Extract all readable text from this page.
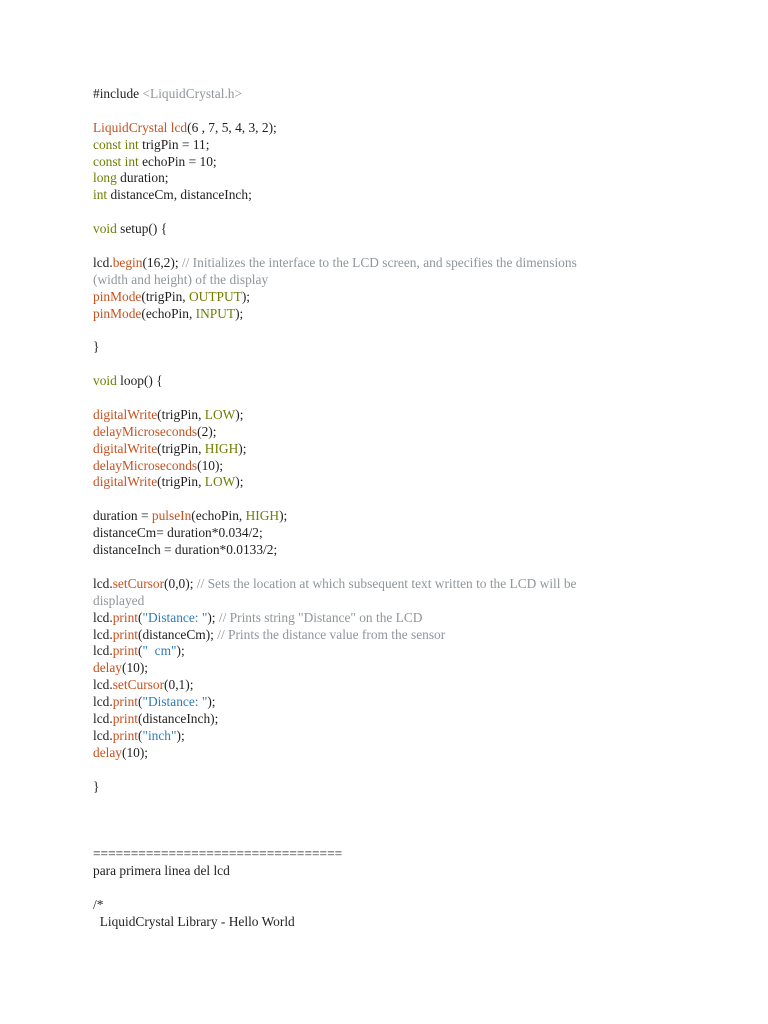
#include <LiquidCrystal.h>
LiquidCrystal lcd(6 , 7, 5, 4, 3, 2);
const int trigPin = 11;
const int echoPin = 10;
long duration;
int distanceCm, distanceInch;
void setup() {
lcd.begin(16,2); // Initializes the interface to the LCD screen, and specifies the dimensions
(width and height) of the display
pinMode(trigPin, OUTPUT);
pinMode(echoPin, INPUT);
}
void loop() {
digitalWrite(trigPin, LOW);
delayMicroseconds(2);
digitalWrite(trigPin, HIGH);
delayMicroseconds(10);
digitalWrite(trigPin, LOW);
duration = pulseIn(echoPin, HIGH);
distanceCm= duration*0.034/2;
distanceInch = duration*0.0133/2;
lcd.setCursor(0,0); // Sets the location at which subsequent text written to the LCD will be
displayed
lcd.print("Distance: "); // Prints string "Distance" on the LCD
lcd.print(distanceCm); // Prints the distance value from the sensor
lcd.print("  cm");
delay(10);
lcd.setCursor(0,1);
lcd.print("Distance: ");
lcd.print(distanceInch);
lcd.print("inch");
delay(10);
}
=================================
para primera linea del lcd
/*
LiquidCrystal Library - Hello World
